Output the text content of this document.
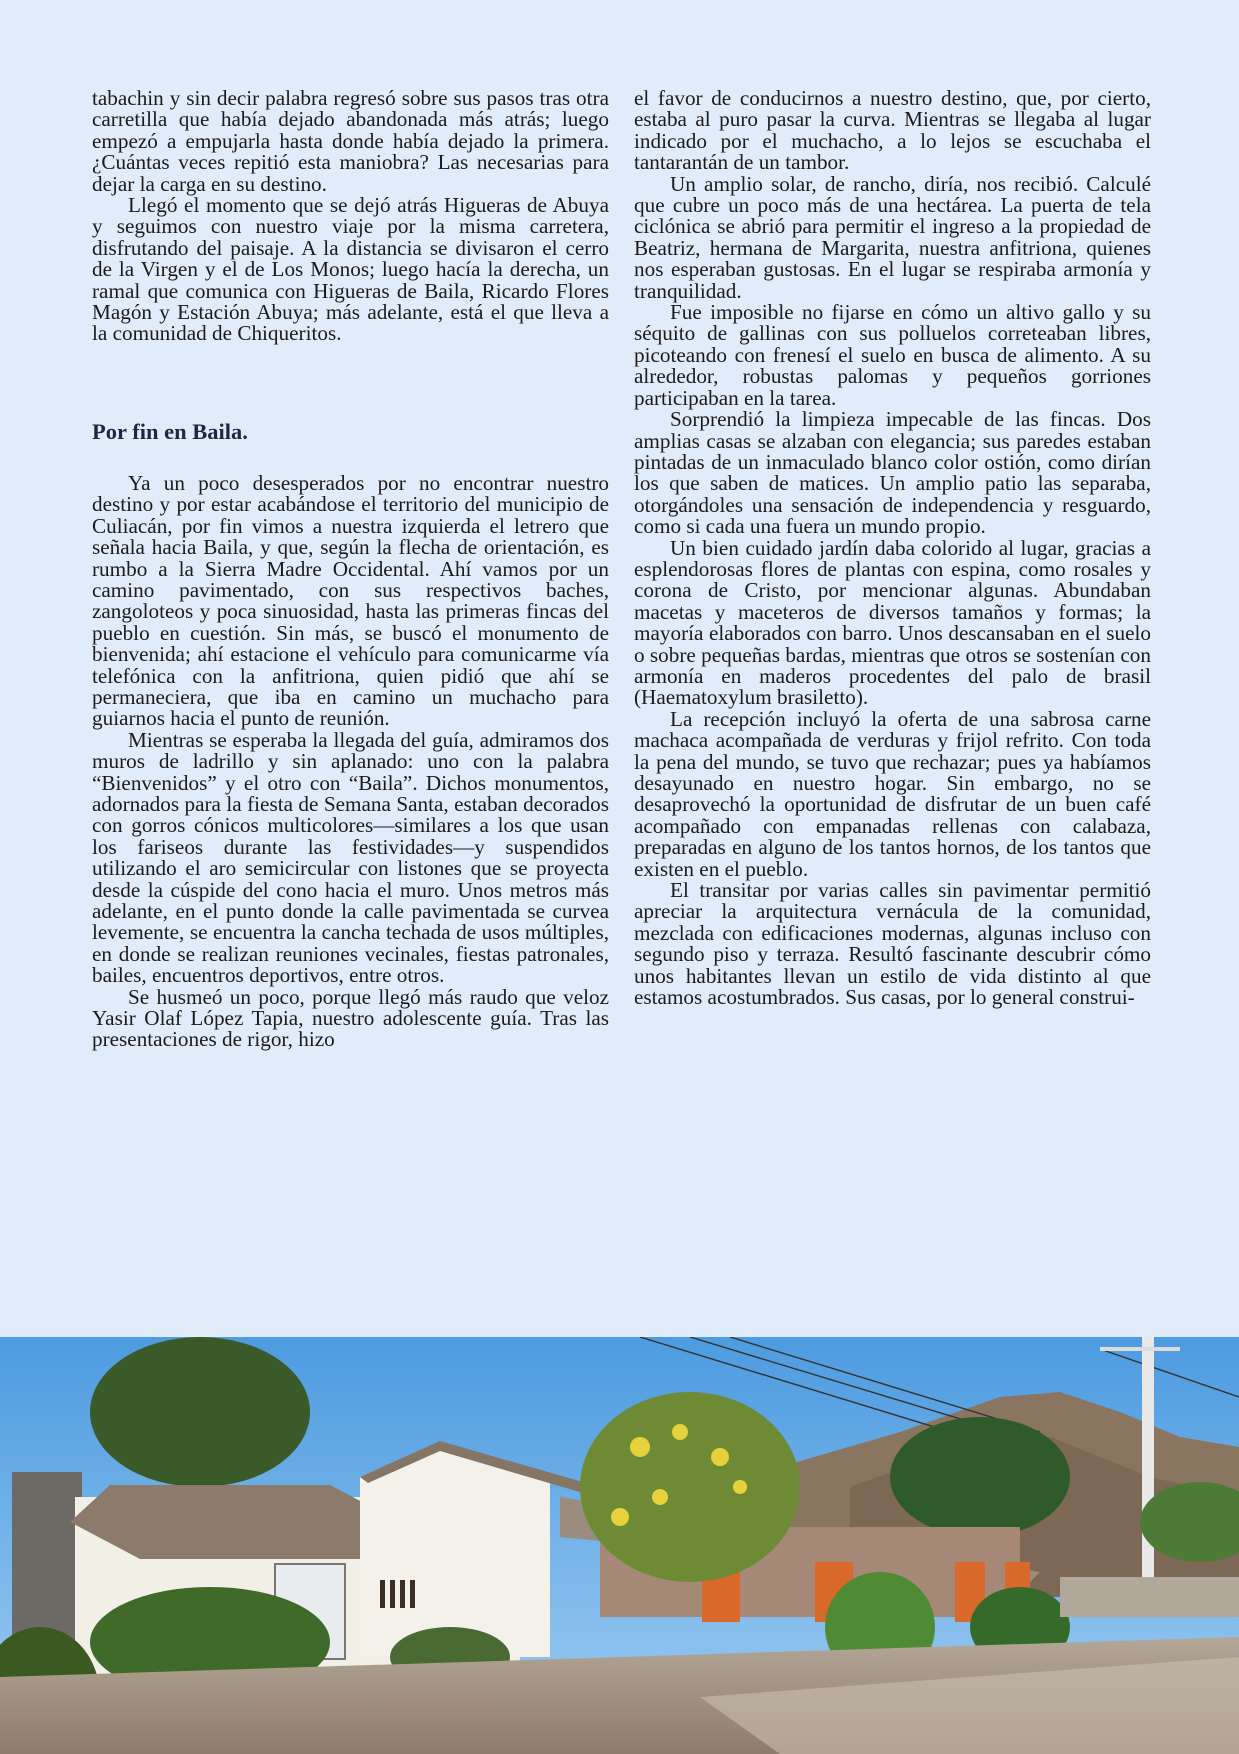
tabachin y sin decir palabra regresó sobre sus pasos tras otra carretilla que había dejado abandonada más atrás; luego empezó a empujarla hasta donde había dejado la primera. ¿Cuántas veces repitió esta maniobra? Las necesarias para dejar la carga en su destino.

Llegó el momento que se dejó atrás Higueras de Abuya y seguimos con nuestro viaje por la misma carretera, disfrutando del paisaje. A la distancia se divisaron el cerro de la Virgen y el de Los Monos; luego hacía la derecha, un ramal que comunica con Higueras de Baila, Ricardo Flores Magón y Estación Abuya; más adelante, está el que lleva a la comunidad de Chiqueritos.

Por fin en Baila.

Ya un poco desesperados por no encontrar nuestro destino y por estar acabándose el territorio del municipio de Culiacán, por fin vimos a nuestra izquierda el letrero que señala hacia Baila, y que, según la flecha de orientación, es rumbo a la Sierra Madre Occidental. Ahí vamos por un camino pavimentado, con sus respectivos baches, zangoloteos y poca sinuosidad, hasta las primeras fincas del pueblo en cuestión. Sin más, se buscó el monumento de bienvenida; ahí estacione el vehículo para comunicarme vía telefónica con la anfitriona, quien pidió que ahí se permaneciera, que iba en camino un muchacho para guiarnos hacia el punto de reunión.

Mientras se esperaba la llegada del guía, admiramos dos muros de ladrillo y sin aplanado: uno con la palabra “Bienvenidos” y el otro con “Baila”. Dichos monumentos, adornados para la fiesta de Semana Santa, estaban decorados con gorros cónicos multicolores—similares a los que usan los fariseos durante las festividades—y suspendidos utilizando el aro semicircular con listones que se proyecta desde la cúspide del cono hacia el muro. Unos metros más adelante, en el punto donde la calle pavimentada se curvea levemente, se encuentra la cancha techada de usos múltiples, en donde se realizan reuniones vecinales, fiestas patronales, bailes, encuentros deportivos, entre otros.

Se husmeó un poco, porque llegó más raudo que veloz Yasir Olaf López Tapia, nuestro adolescente guía. Tras las presentaciones de rigor, hizo

el favor de conducirnos a nuestro destino, que, por cierto, estaba al puro pasar la curva. Mientras se llegaba al lugar indicado por el muchacho, a lo lejos se escuchaba el tantarantán de un tambor.

Un amplio solar, de rancho, diría, nos recibió. Calculé que cubre un poco más de una hectárea. La puerta de tela ciclónica se abrió para permitir el ingreso a la propiedad de Beatriz, hermana de Margarita, nuestra anfitriona, quienes nos esperaban gustosas. En el lugar se respiraba armonía y tranquilidad.

Fue imposible no fijarse en cómo un altivo gallo y su séquito de gallinas con sus polluelos correteaban libres, picoteando con frenesí el suelo en busca de alimento. A su alrededor, robustas palomas y pequeños gorriones participaban en la tarea.

Sorprendió la limpieza impecable de las fincas. Dos amplias casas se alzaban con elegancia; sus paredes estaban pintadas de un inmaculado blanco color ostión, como dirían los que saben de matices. Un amplio patio las separaba, otorgándoles una sensación de independencia y resguardo, como si cada una fuera un mundo propio.

Un bien cuidado jardín daba colorido al lugar, gracias a esplendorosas flores de plantas con espina, como rosales y corona de Cristo, por mencionar algunas. Abundaban macetas y maceteros de diversos tamaños y formas; la mayoría elaborados con barro. Unos descansaban en el suelo o sobre pequeñas bardas, mientras que otros se sostenían con armonía en maderos procedentes del palo de brasil (Haematoxylum brasiletto).

La recepción incluyó la oferta de una sabrosa carne machaca acompañada de verduras y frijol refrito. Con toda la pena del mundo, se tuvo que rechazar; pues ya habíamos desayunado en nuestro hogar. Sin embargo, no se desaprovechó la oportunidad de disfrutar de un buen café acompañado con empanadas rellenas con calabaza, preparadas en alguno de los tantos hornos, de los tantos que existen en el pueblo.

El transitar por varias calles sin pavimentar permitió apreciar la arquitectura vernácula de la comunidad, mezclada con edificaciones modernas, algunas incluso con segundo piso y terraza. Resultó fascinante descubrir cómo unos habitantes llevan un estilo de vida distinto al que estamos acostumbrados. Sus casas, por lo general construi-
